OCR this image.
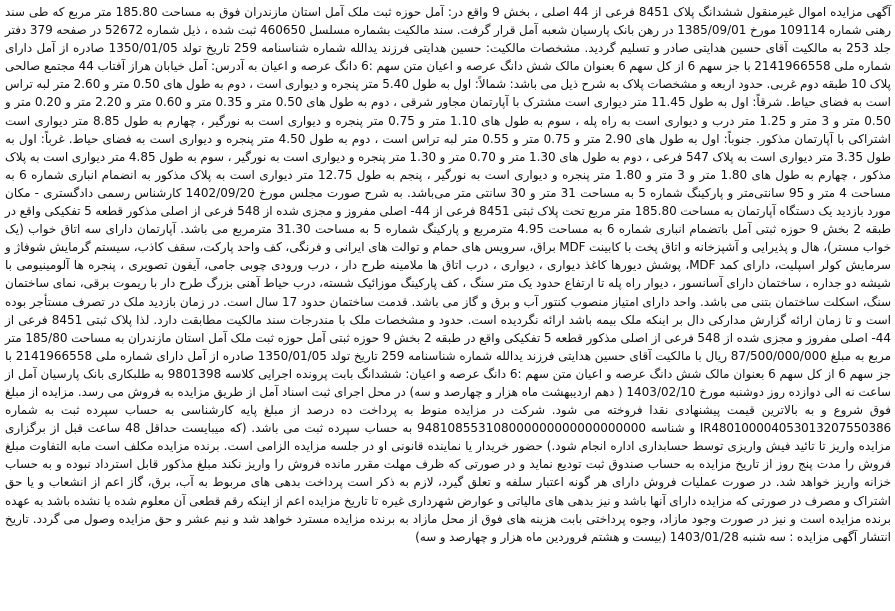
آگهی مزایده اموال غیرمنقول ششدانگ پلاک 8451 فرعی از 44 اصلی ، بخش 9 واقع در: آمل حوزه ثبت ملک آمل استان مازندران فوق به مساحت 185.80 متر مربع که طی سند رهنی شماره 109114 مورخ 1385/09/01 در رهن بانک پارسیان شعبه آمل قرار گرفت. سند مالکیت بشماره مسلسل 460650 ثبت شده ، ذیل شماره 52672 در صفحه 379 دفتر جلد 253 به مالکیت آقای حسین هدایتی صادر و تسلیم گردید. مشخصات مالکیت: حسین هدایتی فرزند یدالله شماره شناسنامه 259 تاریخ تولد 1350/01/05 صادره از آمل دارای شماره ملی 2141966558 با جز سهم 6 از کل سهم 6 بعنوان مالک شش دانگ عرصه و اعیان متن سهم :6 دانگ عرصه و اعیان به آدرس: آمل خیابان هراز آفتاب 44 مجتمع صالحی پلاک 10 طبقه دوم غربی. حدود اربعه و مشخصات پلاک به شرح ذیل می باشد: شمالاً: اول به طول 5.40 متر پنجره و دیواری است ، دوم به طول های 0.50 متر و 2.60 متر لبه تراس است به فضای حیاط. شرقاً: اول به طول 11.45 متر دیواری است مشترک با آپارتمان مجاور شرقی ، دوم به طول های 0.50 متر و 0.35 متر و 0.60 متر و 2.20 متر و 0.20 متر و 0.50 متر و 3 متر و 1.25 متر درب و دیواری است به راه پله ، سوم به طول های 1.10 متر و 0.75 متر پنجره و دیواری است به نورگیر ، چهارم به طول 8.85 متر دیواری است اشتراکی با آپارتمان مذکور. جنوباً: اول به طول های 2.90 متر و 0.75 متر و 0.55 متر لبه تراس است ، دوم به طول 4.50 متر پنجره و دیواری است به فضای حیاط. غرباً: اول به طول 3.35 متر دیواری است به پلاک 547 فرعی ، دوم به طول های 1.30 متر و 0.70 متر و 1.30 متر پنجره و دیواری است به نورگیر ، سوم به طول 4.85 متر دیواری است به پلاک مذکور ، چهارم به طول های 1.80 متر و 3 متر و 1.80 متر پنجره و دیواری است به نورگیر ، پنجم به طول 12.75 متر دیواری است به پلاک مذکور به انضمام انباری شماره 6 به مساحت 4 متر و 95 سانتی‌متر و پارکینگ شماره 5 به مساحت 31 متر و 30 سانتی متر می‌باشد. به شرح صورت مجلس مورخ 1402/09/20 کارشناس رسمی دادگستری - مکان مورد بازدید یک دستگاه آپارتمان به مساحت 185.80 متر مربع تحت پلاک ثبتی 8451 فرعی از 44- اصلی مفروز و مجزی شده از 548 فرعی از اصلی مذکور قطعه 5 تفکیکی واقع در طبقه 2 بخش 9 حوزه ثبتی آمل باتضمام انباری شماره 6 به مساحت 4.95 مترمربع و پارکینگ شماره 5 به مساحت 31.30 مترمربع می باشد. آپارتمان دارای سه اتاق خواب (یک خواب مستر)، هال و پذیرایی و آشپزخانه و اتاق پخت با کابینت MDF براق، سرویس های حمام و توالت های ایرانی و فرنگی، کف واحد پارکت، سقف کاذب، سیستم گرمایش شوفاژ و سرمایش کولر اسپلیت، دارای کمد MDF، پوشش دیورها کاغذ دیواری ، دیواری ، درب اتاق ها ملامینه طرح دار ، درب ورودی چوبی جامی، آیفون تصویری ، پنجره ها آلومینیومی با شیشه دو جداره ، ساختمان دارای آسانسور ، دیوار راه پله تا ارتفاع حدود یک متر سنگ ، کف پارکینگ موزائیک شسته، درب حیاط آهنی بزرگ طرح دار با ریموت برقی، نمای ساختمان سنگ، اسکلت ساختمان بتنی می باشد. واحد دارای امتیاز منصوب کنتور آب و برق و گاز می باشد. قدمت ساختمان حدود 17 سال است. در زمان بازدید ملک در تصرف مستأجر بوده است و تا زمان ارائه گزارش مدارکی دال بر اینکه ملک بیمه باشد ارائه نگردیده است. حدود و مشخصات ملک با مندرجات سند مالکیت مطابقت دارد. لذا پلاک ثبتی 8451 فرعی از 44- اصلی مفروز و مجزی شده از 548 فرعی از اصلی مذکور قطعه 5 تفکیکی واقع در طبقه 2 بخش 9 حوزه ثبتی آمل حوزه ثبت ملک آمل استان مازندران به مساحت 185/80 متر مربع به مبلغ 87/500/000/000 ریال با مالکیت آقای حسین هدایتی فرزند یدالله شماره شناسنامه 259 تاریخ تولد 1350/01/05 صادره از آمل دارای شماره ملی 2141966558 با جز سهم 6 از کل سهم 6 بعنوان مالک شش دانگ عرصه و اعیان متن سهم :6 دانگ عرصه و اعیان: ششدانگ بابت پرونده اجرایی کلاسه 9801398 به طلبکاری بانک پارسیان آمل از ساعت نه الی دوازده روز دوشنبه مورخ 1403/02/10 ( دهم اردیبهشت ماه هزار و چهارصد و سه) در محل اجرای ثبت اسناد آمل از طریق مزایده به فروش می رسد. مزایده از مبلغ فوق شروع و به بالاترین قیمت پیشنهادی نقدا فروخته می شود. شرکت در مزایده منوط به پرداخت ده درصد از مبلغ پایه کارشناسی به حساب سپرده ثبت به شماره IR480100004053013207550386 و شناسه 948108553108000000000000000000 به حساب سپرده ثبت می باشد. (که میبایست حداقل 48 ساعت قبل از برگزاری مزایده واریز تا تائید فیش واریزی توسط حسابداری اداره انجام شود.) حضور خریدار یا نماینده قانونی او در جلسه مزایده الزامی است. برنده مزایده مکلف است مابه التفاوت مبلغ فروش را مدت پنج روز از تاریخ مزایده به حساب صندوق ثبت تودیع نماید و در صورتی که ظرف مهلت مقرر مانده فروش را واریز نکند مبلغ مذکور قابل استرداد نبوده و به حساب خزانه واریز خواهد شد. در صورت عملیات فروش دارای هر گونه اعتبار سلفه و تعلق گیرد، لازم به ذکر است پرداخت بدهی های مربوط به آب، برق، گاز اعم از انشعاب و یا حق اشتراک و مصرف در صورتی که مزایده دارای آنها باشد و نیز بدهی های مالیاتی و عوارض شهرداری غیره تا تاریخ مزایده اعم از اینکه رقم قطعی آن معلوم شده یا نشده باشد به عهده برنده مزایده است و نیز در صورت وجود مازاد، وجوه پرداختی بابت هزینه های فوق از محل مازاد به برنده مزایده مسترد خواهد شد و نیم عشر و حق مزایده وصول می گردد. تاریخ انتشار آگهی مزایده : سه شنبه 1403/01/28 (بیست و هشتم فروردین ماه هزار و چهارصد و سه)
